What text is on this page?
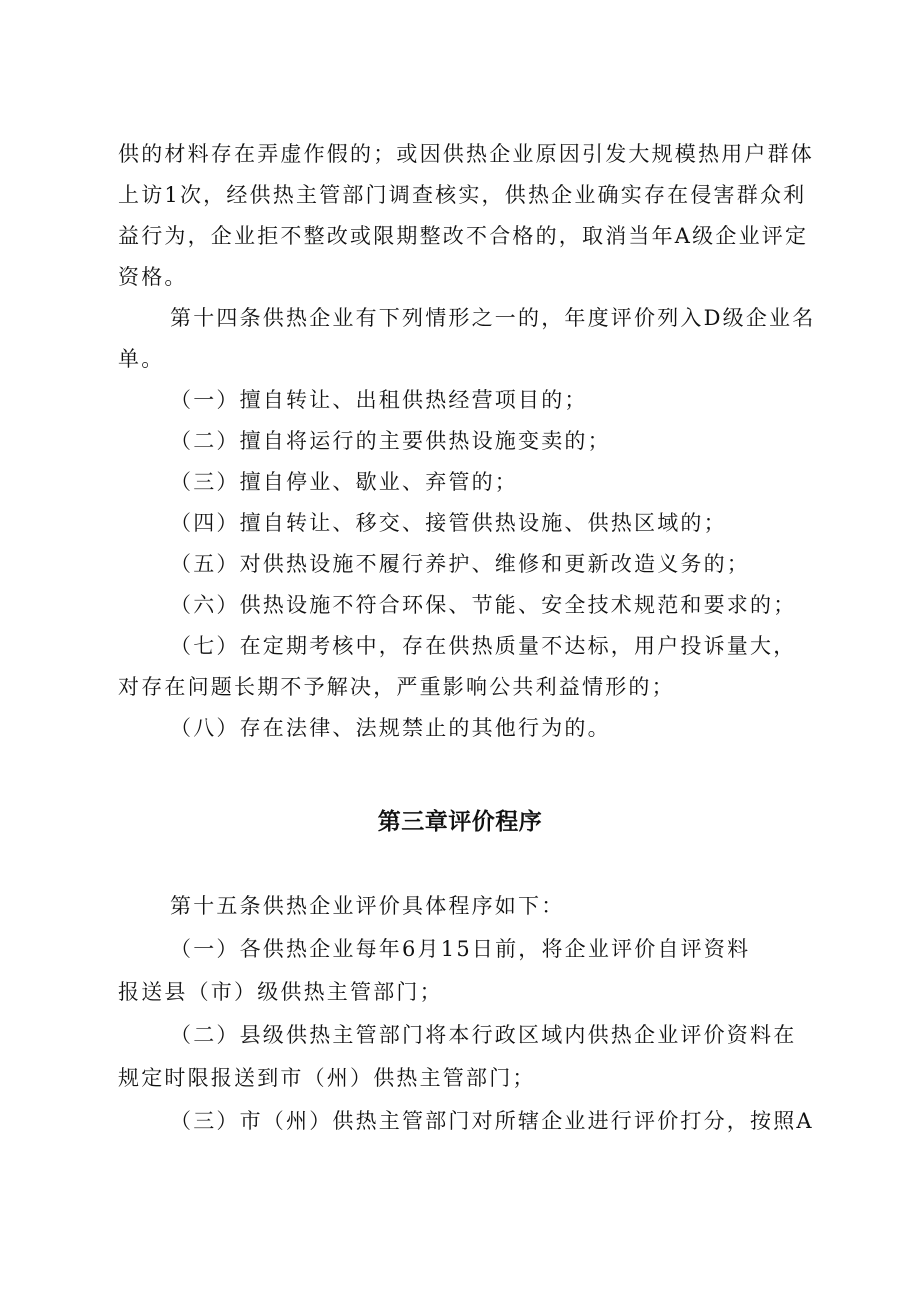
供的材料存在弄虚作假的；或因供热企业原因引发大规模热用户群体
上访1次，经供热主管部门调查核实，供热企业确实存在侵害群众利
益行为，企业拒不整改或限期整改不合格的，取消当年A级企业评定
资格。
第十四条供热企业有下列情形之一的，年度评价列入D级企业名
单。
（一）擅自转让、出租供热经营项目的；
（二）擅自将运行的主要供热设施变卖的；
（三）擅自停业、歇业、弃管的；
（四）擅自转让、移交、接管供热设施、供热区域的；
（五）对供热设施不履行养护、维修和更新改造义务的；
（六）供热设施不符合环保、节能、安全技术规范和要求的；
（七）在定期考核中，存在供热质量不达标，用户投诉量大，
对存在问题长期不予解决，严重影响公共利益情形的；
（八）存在法律、法规禁止的其他行为的。
第三章评价程序
第十五条供热企业评价具体程序如下：
（一）各供热企业每年6月15日前，将企业评价自评资料
报送县（市）级供热主管部门；
（二）县级供热主管部门将本行政区域内供热企业评价资料在
规定时限报送到市（州）供热主管部门；
（三）市（州）供热主管部门对所辖企业进行评价打分，按照A
